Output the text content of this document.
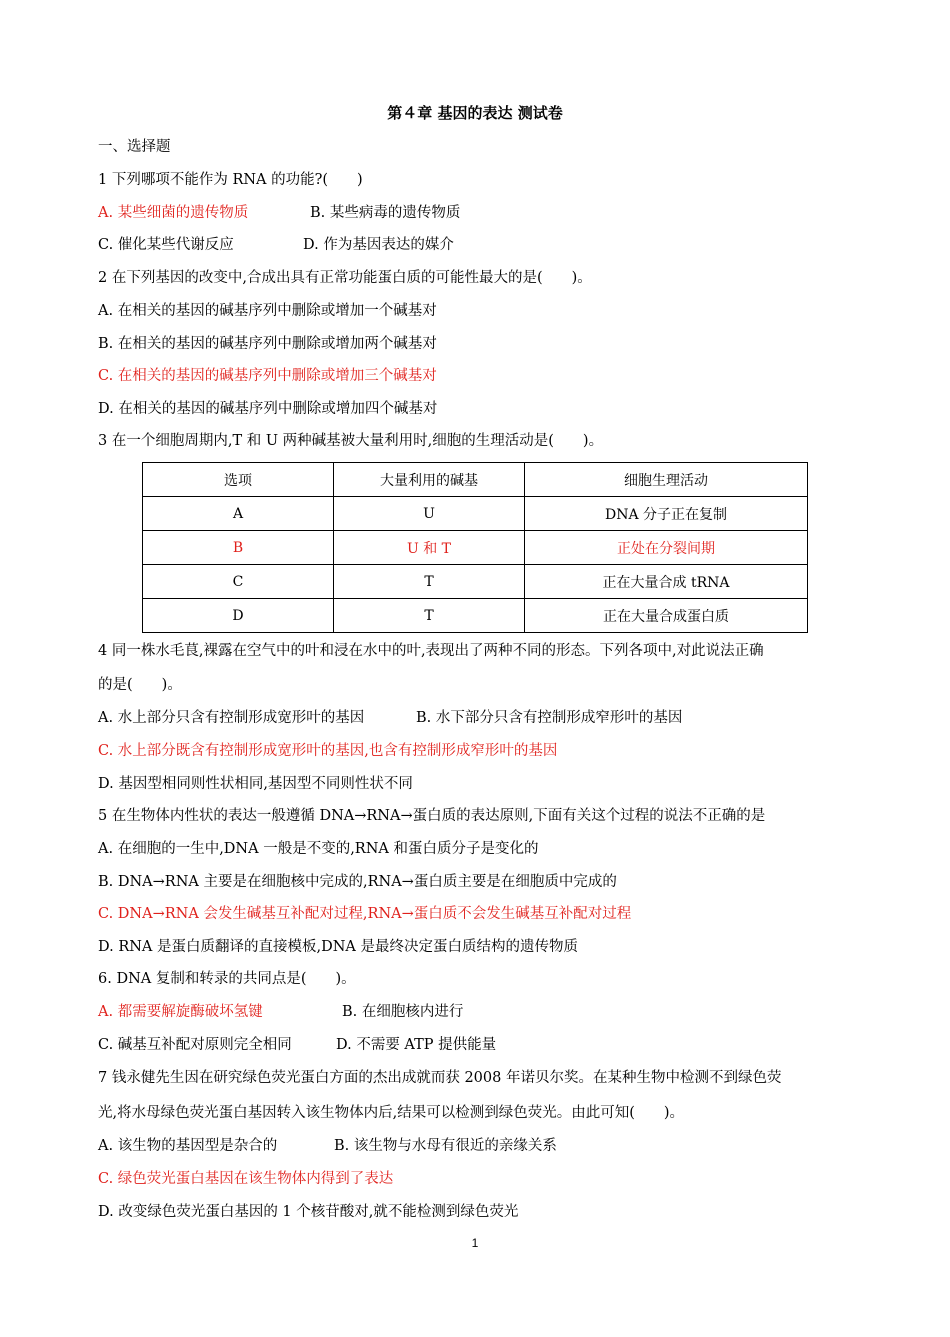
第４章 基因的表达 测试卷
一、选择题
1 下列哪项不能作为 RNA 的功能?(　　)
A. 某些细菌的遗传物质	B. 某些病毒的遗传物质
C. 催化某些代谢反应	D. 作为基因表达的媒介
2 在下列基因的改变中,合成出具有正常功能蛋白质的可能性最大的是(　　)。
A. 在相关的基因的碱基序列中删除或增加一个碱基对
B. 在相关的基因的碱基序列中删除或增加两个碱基对
C. 在相关的基因的碱基序列中删除或增加三个碱基对
D. 在相关的基因的碱基序列中删除或增加四个碱基对
3 在一个细胞周期内,T 和 U 两种碱基被大量利用时,细胞的生理活动是(　　)。
选项	大量利用的碱基	细胞生理活动
A	U	DNA 分子正在复制
B	U 和 T	正处在分裂间期
C	T	正在大量合成 tRNA
D	T	正在大量合成蛋白质
4 同一株水毛茛,裸露在空气中的叶和浸在水中的叶,表现出了两种不同的形态。下列各项中,对此说法正确
的是(　　)。
A. 水上部分只含有控制形成宽形叶的基因	B. 水下部分只含有控制形成窄形叶的基因
C. 水上部分既含有控制形成宽形叶的基因,也含有控制形成窄形叶的基因
D. 基因型相同则性状相同,基因型不同则性状不同
5 在生物体内性状的表达一般遵循 DNA→RNA→蛋白质的表达原则,下面有关这个过程的说法不正确的是
A. 在细胞的一生中,DNA 一般是不变的,RNA 和蛋白质分子是变化的
B. DNA→RNA 主要是在细胞核中完成的,RNA→蛋白质主要是在细胞质中完成的
C. DNA→RNA 会发生碱基互补配对过程,RNA→蛋白质不会发生碱基互补配对过程
D. RNA 是蛋白质翻译的直接模板,DNA 是最终决定蛋白质结构的遗传物质
6. DNA 复制和转录的共同点是(　　)。
A. 都需要解旋酶破坏氢键	B. 在细胞核内进行
C. 碱基互补配对原则完全相同	D. 不需要 ATP 提供能量
7 钱永健先生因在研究绿色荧光蛋白方面的杰出成就而获 2008 年诺贝尔奖。在某种生物中检测不到绿色荧
光,将水母绿色荧光蛋白基因转入该生物体内后,结果可以检测到绿色荧光。由此可知(　　)。
A. 该生物的基因型是杂合的	B. 该生物与水母有很近的亲缘关系
C. 绿色荧光蛋白基因在该生物体内得到了表达
D. 改变绿色荧光蛋白基因的 1 个核苷酸对,就不能检测到绿色荧光
1
